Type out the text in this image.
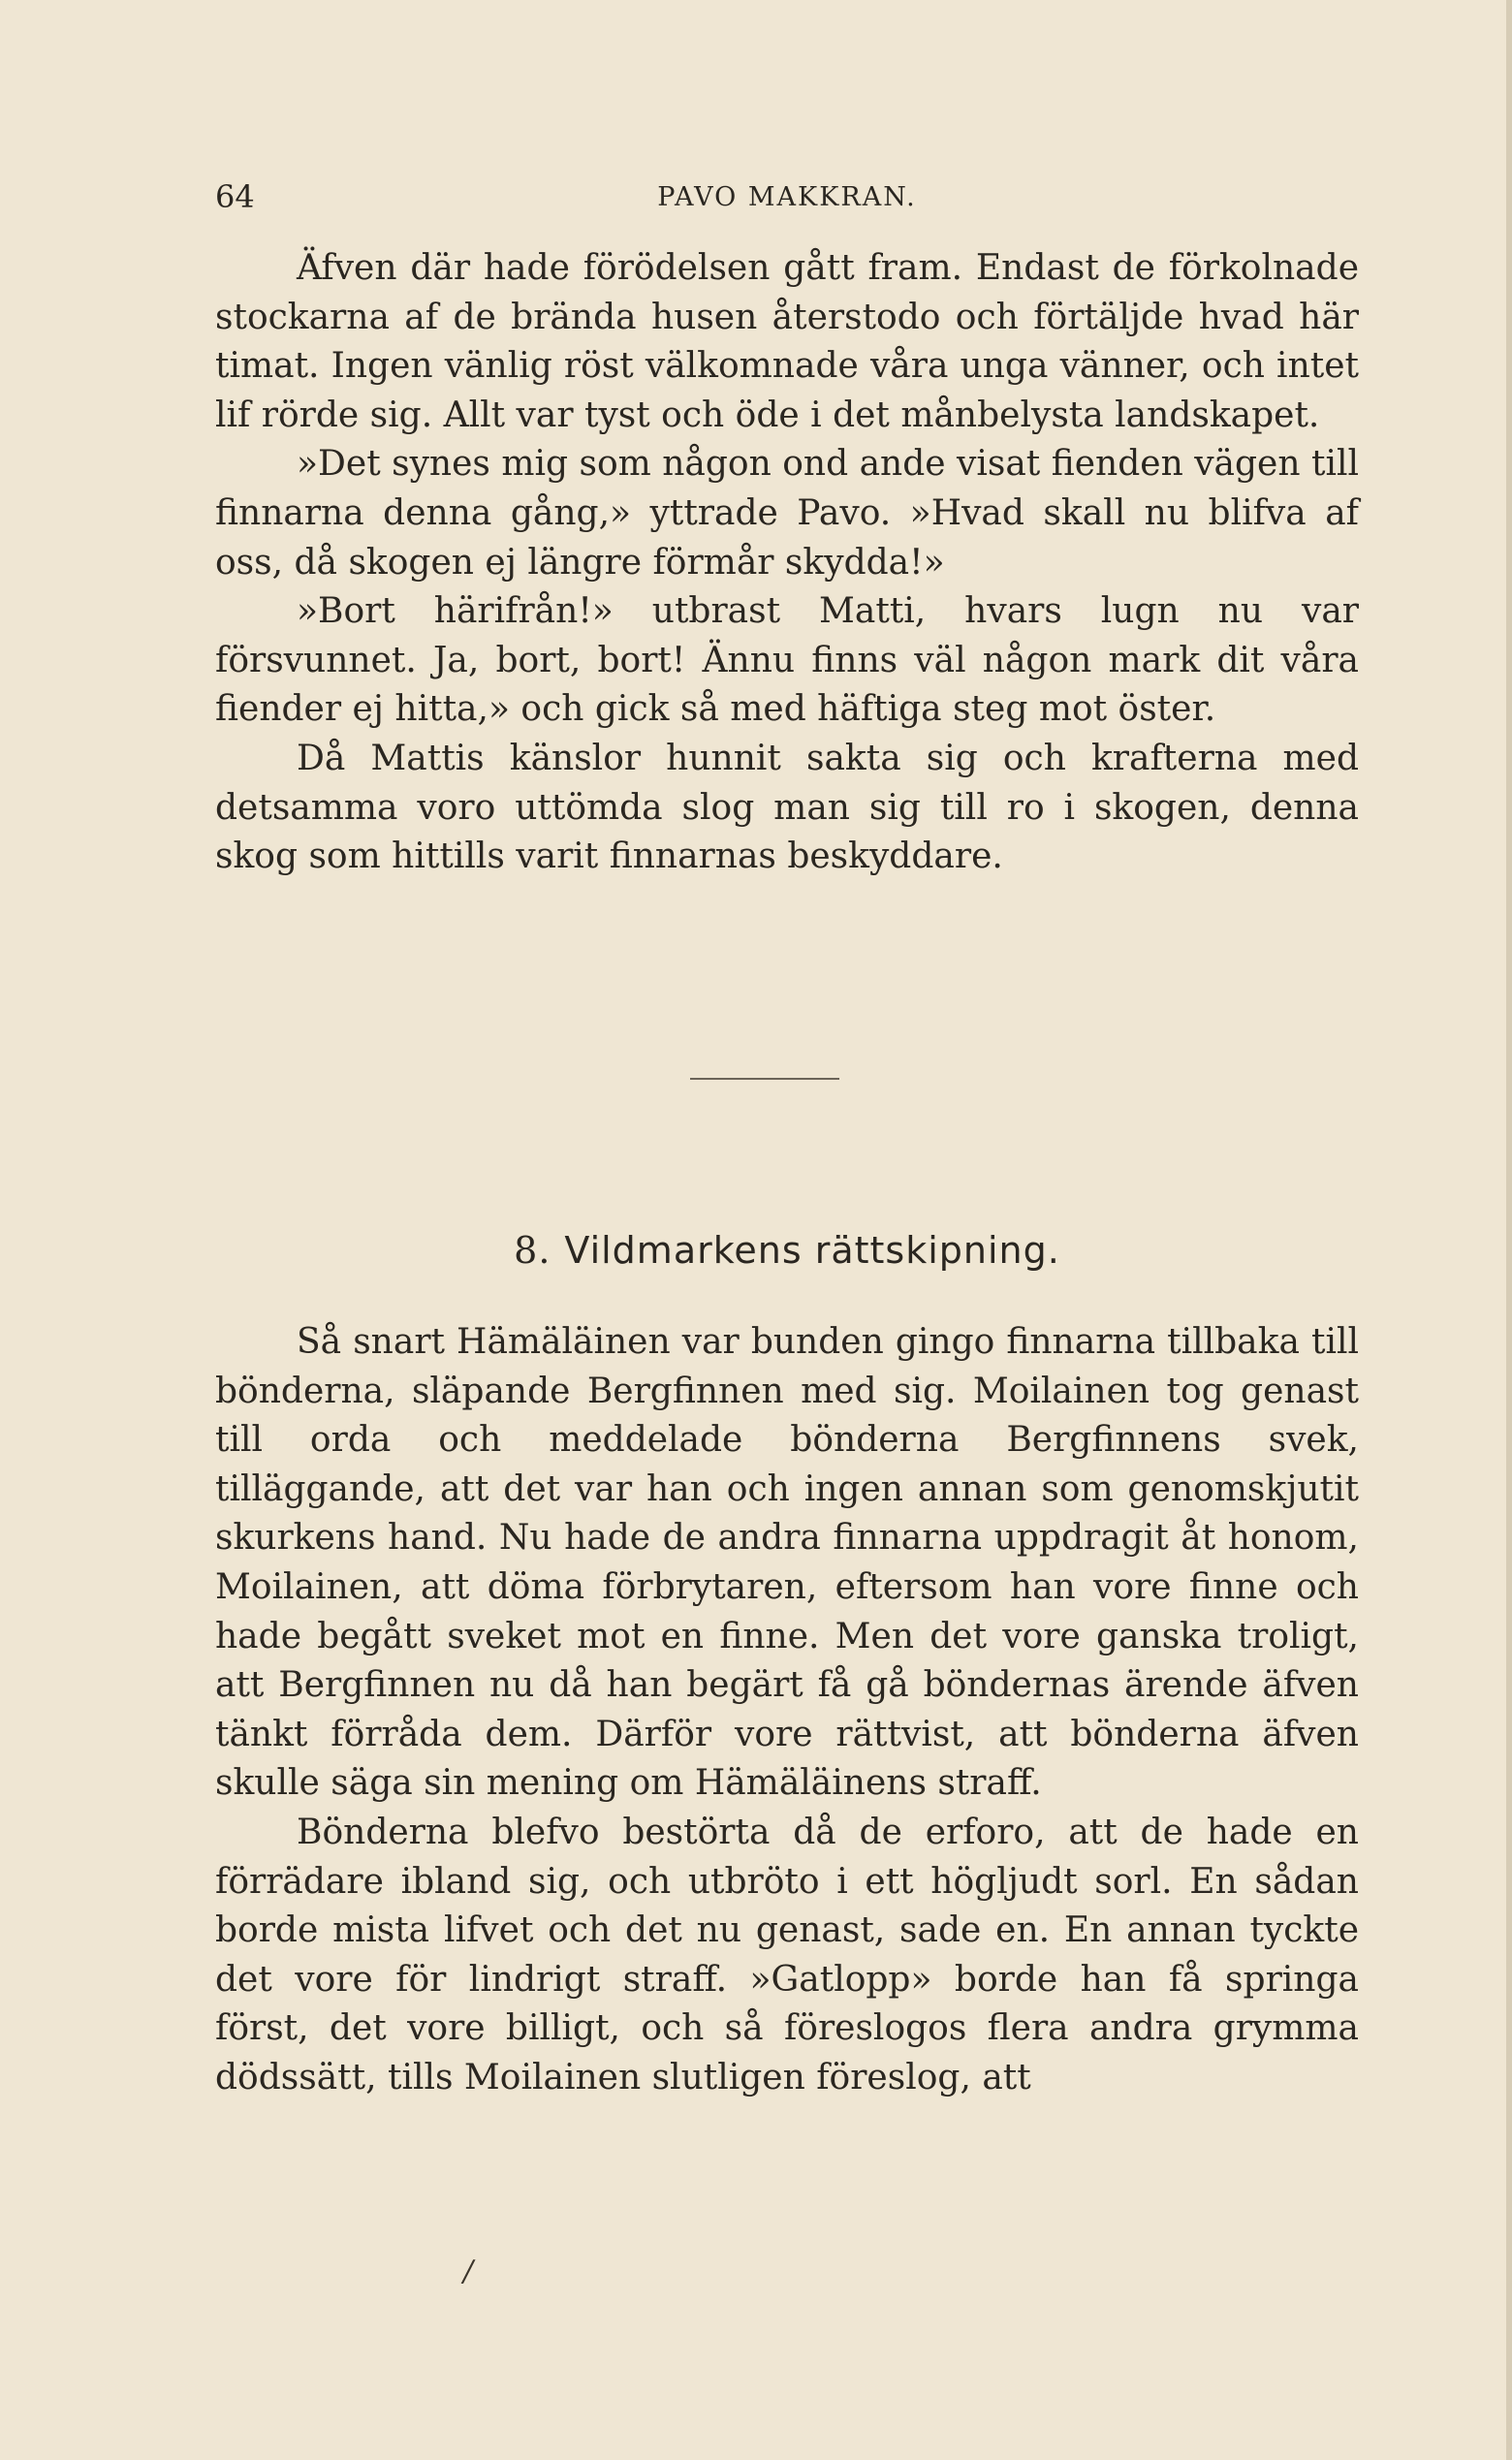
64	PAVO MAKKRAN.

Äfven där hade förödelsen gått fram. Endast de förkolnade stockarna af de brända husen återstodo och förtäljde hvad här timat. Ingen vänlig röst välkomnade våra unga vänner, och intet lif rörde sig. Allt var tyst och öde i det månbelysta landskapet.

»Det synes mig som någon ond ande visat fienden vägen till finnarna denna gång,» yttrade Pavo. »Hvad skall nu blifva af oss, då skogen ej längre förmår skydda!»

»Bort härifrån!» utbrast Matti, hvars lugn nu var försvunnet. Ja, bort, bort! Ännu finns väl någon mark dit våra fiender ej hitta,» och gick så med häftiga steg mot öster.

Då Mattis känslor hunnit sakta sig och krafterna med detsamma voro uttömda slog man sig till ro i skogen, denna skog som hittills varit finnarnas beskyddare.

8. Vildmarkens rättskipning.

Så snart Hämäläinen var bunden gingo finnarna tillbaka till bönderna, släpande Bergfinnen med sig. Moilainen tog genast till orda och meddelade bönderna Bergfinnens svek, tilläggande, att det var han och ingen annan som genomskjutit skurkens hand. Nu hade de andra finnarna uppdragit åt honom, Moilainen, att döma förbrytaren, eftersom han vore finne och hade begått sveket mot en finne. Men det vore ganska troligt, att Bergfinnen nu då han begärt få gå böndernas ärende äfven tänkt förråda dem. Därför vore rättvist, att bönderna äfven skulle säga sin mening om Hämäläinens straff.

Bönderna blefvo bestörta då de erforo, att de hade en förrädare ibland sig, och utbröto i ett högljudt sorl. En sådan borde mista lifvet och det nu genast, sade en. En annan tyckte det vore för lindrigt straff. »Gatlopp» borde han få springa först, det vore billigt, och så föreslogos flera andra grymma dödssätt, tills Moilainen slutligen föreslog, att

/
